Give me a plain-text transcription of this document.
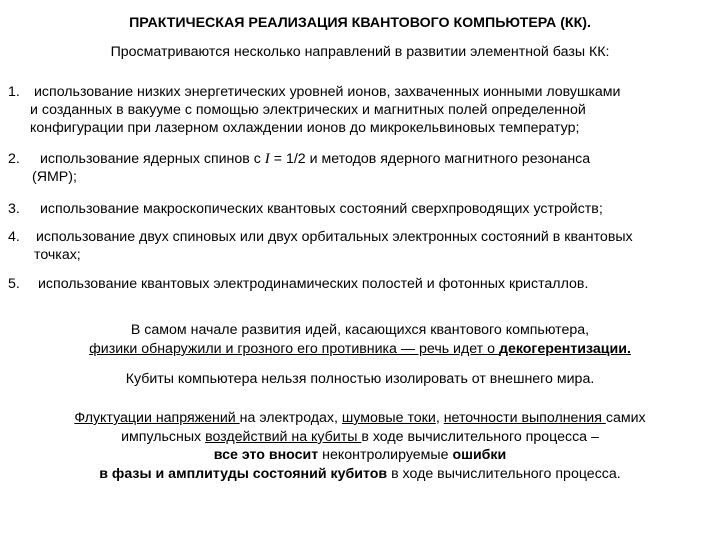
ПРАКТИЧЕСКАЯ РЕАЛИЗАЦИЯ КВАНТОВОГО КОМПЬЮТЕРА (КК).
Просматриваются несколько направлений в развитии элементной базы КК:
1. использование низких энергетических уровней ионов, захваченных ионными ловушками
и созданных в вакууме с помощью электрических и магнитных полей определенной
конфигурации при лазерном охлаждении ионов до микрокельвиновых температур;
2. использование ядерных спинов с I = 1/2 и методов ядерного магнитного резонанса
(ЯМР);
3. использование макроскопических квантовых состояний сверхпроводящих устройств;
4. использование двух спиновых или двух орбитальных электронных состояний в квантовых
точках;
5. использование квантовых электродинамических полостей и фотонных кристаллов.
В самом начале развития идей, касающихся квантового компьютера,
физики обнаружили и грозного его противника — речь идет о декогерентизации.
Кубиты компьютера нельзя полностью изолировать от внешнего мира.
Флуктуации напряжений на электродах, шумовые токи, неточности выполнения самих
импульсных воздействий на кубиты в ходе вычислительного процесса –
все это вносит неконтролируемые ошибки
в фазы и амплитуды состояний кубитов в ходе вычислительного процесса.
